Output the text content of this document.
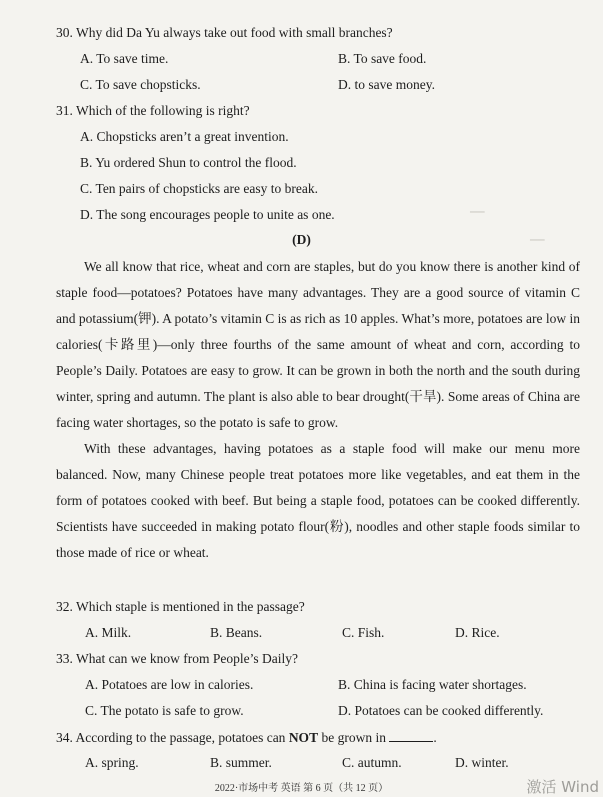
──
──
30. Why did Da Yu always take out food with small branches?
A. To save time.	B. To save food.
C. To save chopsticks.	D. to save money.
31. Which of the following is right?
A. Chopsticks aren’t a great invention.
B. Yu ordered Shun to control the flood.
C. Ten pairs of chopsticks are easy to break.
D. The song encourages people to unite as one.
(D)

We all know that rice, wheat and corn are staples, but do you know there is another kind of staple food—potatoes? Potatoes have many advantages. They are a good source of vitamin C and potassium(钾). A potato’s vitamin C is as rich as 10 apples. What’s more, potatoes are low in calories(卡路里)—only three fourths of the same amount of wheat and corn, according to People’s Daily. Potatoes are easy to grow. It can be grown in both the north and the south during winter, spring and autumn. The plant is also able to bear drought(干旱). Some areas of China are facing water shortages, so the potato is safe to grow.

With these advantages, having potatoes as a staple food will make our menu more balanced. Now, many Chinese people treat potatoes more like vegetables, and eat them in the form of potatoes cooked with beef. But being a staple food, potatoes can be cooked differently. Scientists have succeeded in making potato flour(粉), noodles and other staple foods similar to those made of rice or wheat.

32. Which staple is mentioned in the passage?
A. Milk.	B. Beans.	C. Fish.	D. Rice.
33. What can we know from People’s Daily?
A. Potatoes are low in calories.	B. China is facing water shortages.
C. The potato is safe to grow.	D. Potatoes can be cooked differently.
34. According to the passage, potatoes can NOT be grown in	.
A. spring.	B. summer.	C. autumn.	D. winter.
2022·市场中考 英语 第 6 页（共 12 页）	激活 Wind
